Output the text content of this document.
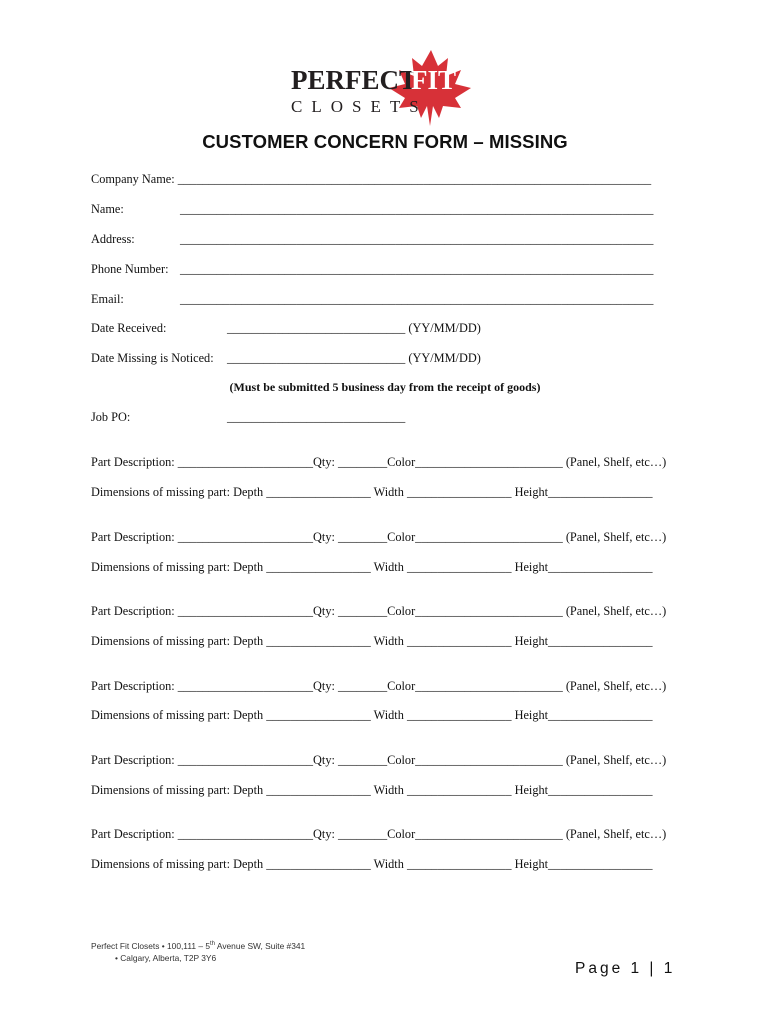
PERFECT
FIT
CLOSETS
CUSTOMER CONCERN FORM – MISSING
Company Name: _____________________________________________________________________________
Name:	_____________________________________________________________________________
Address:	_____________________________________________________________________________
Phone Number: _____________________________________________________________________________
Email:	_____________________________________________________________________________
Date Received:	_____________________________ (YY/MM/DD)
Date Missing is Noticed: _____________________________ (YY/MM/DD)
(Must be submitted 5 business day from the receipt of goods)
Job PO:	_____________________________
Part Description: ______________________Qty: ________Color________________________ (Panel, Shelf, etc…)
Dimensions of missing part: Depth _________________ Width _________________ Height_________________
Part Description: ______________________Qty: ________Color________________________ (Panel, Shelf, etc…)
Dimensions of missing part: Depth _________________ Width _________________ Height_________________
Part Description: ______________________Qty: ________Color________________________ (Panel, Shelf, etc…)
Dimensions of missing part: Depth _________________ Width _________________ Height_________________
Part Description: ______________________Qty: ________Color________________________ (Panel, Shelf, etc…)
Dimensions of missing part: Depth _________________ Width _________________ Height_________________
Part Description: ______________________Qty: ________Color________________________ (Panel, Shelf, etc…)
Dimensions of missing part: Depth _________________ Width _________________ Height_________________
Part Description: ______________________Qty: ________Color________________________ (Panel, Shelf, etc…)
Dimensions of missing part: Depth _________________ Width _________________ Height_________________
Perfect Fit Closets • 100,111 – 5th Avenue SW, Suite #341
• Calgary, Alberta, T2P 3Y6
Page 1 | 1
